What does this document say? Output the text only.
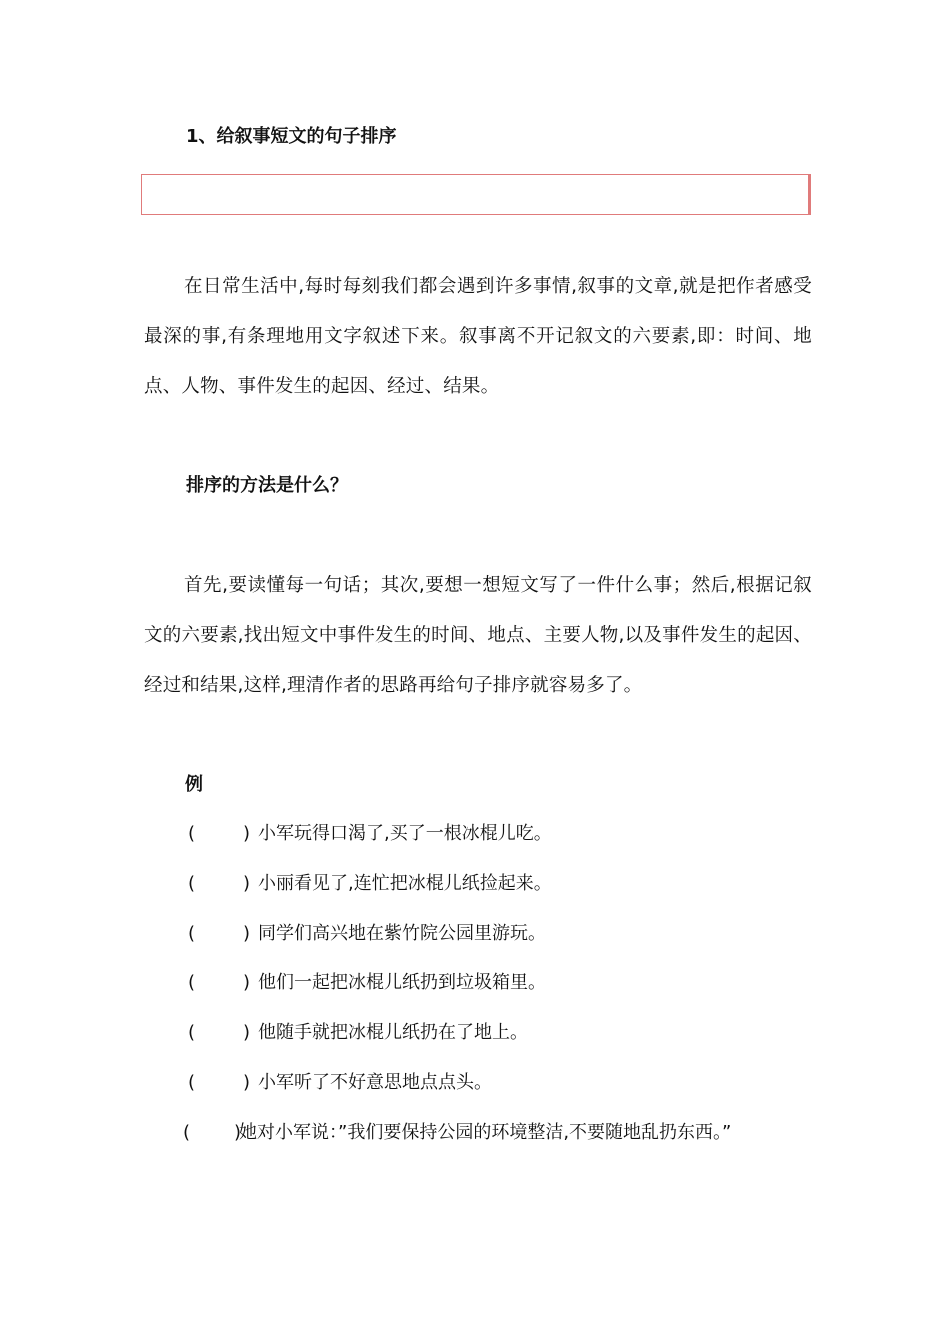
1、给叙事短文的句子排序

在日常生活中,每时每刻我们都会遇到许多事情,叙事的文章,就是把作者感受最深的事,有条理地用文字叙述下来。叙事离不开记叙文的六要素,即：时间、地点、人物、事件发生的起因、经过、结果。

排序的方法是什么？

首先,要读懂每一句话；其次,要想一想短文写了一件什么事；然后,根据记叙文的六要素,找出短文中事件发生的时间、地点、主要人物,以及事件发生的起因、经过和结果,这样,理清作者的思路再给句子排序就容易多了。

例
(	) 小军玩得口渴了,买了一根冰棍儿吃。
(	) 小丽看见了,连忙把冰棍儿纸捡起来。
(	) 同学们高兴地在紫竹院公园里游玩。
(	) 他们一起把冰棍儿纸扔到垃圾箱里。
(	) 他随手就把冰棍儿纸扔在了地上。
(	) 小军听了不好意思地点点头。
( )她对小军说：”我们要保持公园的环境整洁,不要随地乱扔东西。”
